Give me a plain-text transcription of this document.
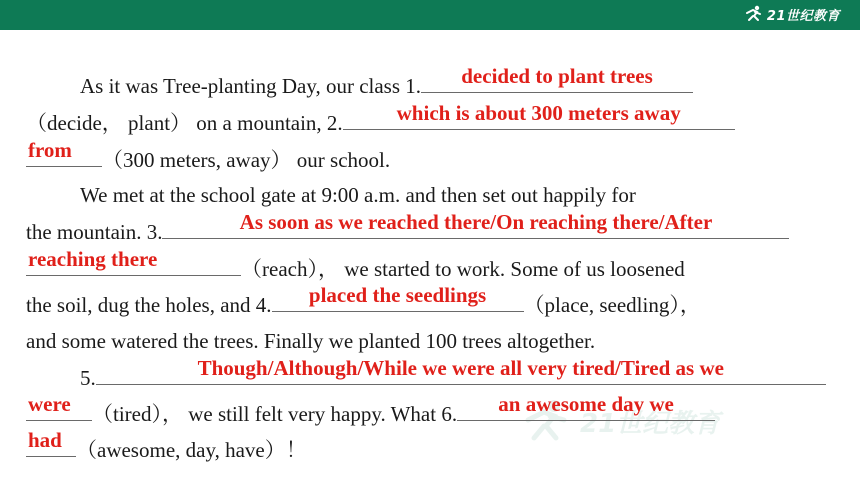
21世纪教育
21世纪教育
As it was Tree-planting Day, our class 1.	decided to plant trees
（decide， plant） on a mountain, 2.	which is about 300 meters away
from	（300 meters, away） our school.
We met at the school gate at 9:00 a.m. and then set out happily for
the mountain. 3.	As soon as we reached there/On reaching there/After
reaching there	（reach）， we started to work. Some of us loosened
the soil, dug the holes, and 4.	placed the seedlings	（place, seedling），
and some watered the trees. Finally we planted 100 trees altogether.
5.	Though/Although/While we were all very tired/Tired as we
were	（tired）， we still felt very happy. What 6.	an awesome day we
had （awesome, day, have）！
